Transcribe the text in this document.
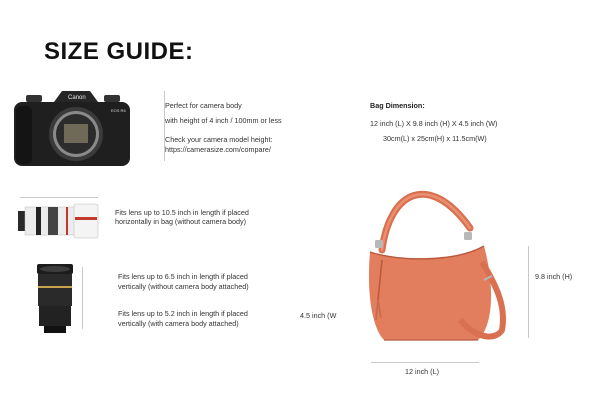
SIZE GUIDE:
Canon
EOS R6
Perfect for camera body
with height of 4 inch / 100mm or less
Check your camera model height:
https://camerasize.com/compare/
Fits lens up to 10.5 inch in length if placed
horizontally in bag (without camera body)
Fits lens up to 6.5 inch in length if placed
vertically (without camera body attached)
Fits lens up to 5.2 inch in length if placed
vertically (with camera body attached)
Bag Dimension:
12 inch (L) X 9.8 inch (H) X 4.5 inch (W)
30cm(L) x 25cm(H) x 11.5cm(W)
12 inch (L)
9.8 inch (H)
4.5 inch (W
